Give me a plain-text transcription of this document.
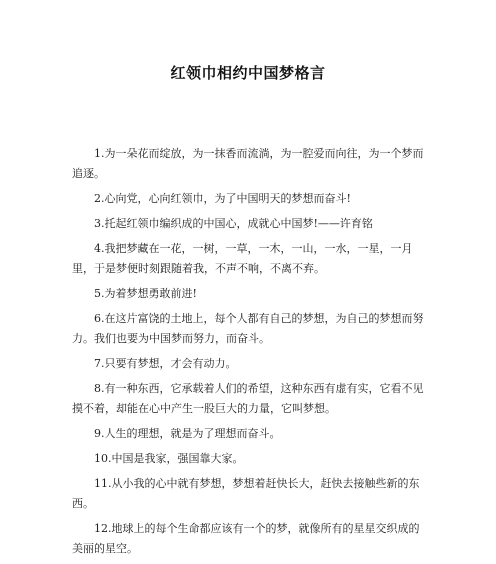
红领巾相约中国梦格言
1.为一朵花而绽放，为一抹香而流淌，为一腔爱而向往，为一个梦而追逐。
2.心向党，心向红领巾，为了中国明天的梦想而奋斗!
3.托起红领巾编织成的中国心，成就心中国梦!——许育铭
4.我把梦藏在一花，一树，一草，一木，一山，一水，一星，一月里，于是梦便时刻跟随着我，不声不响，不离不弃。
5.为着梦想勇敢前进!
6.在这片富饶的土地上，每个人都有自己的梦想，为自己的梦想而努力。我们也要为中国梦而努力，而奋斗。
7.只要有梦想，才会有动力。
8.有一种东西，它承载着人们的希望，这种东西有虚有实，它看不见摸不着，却能在心中产生一股巨大的力量，它叫梦想。
9.人生的理想，就是为了理想而奋斗。
10.中国是我家，强国靠大家。
11.从小我的心中就有梦想，梦想着赶快长大，赶快去接触些新的东西。
12.地球上的每个生命都应该有一个的梦，就像所有的星星交织成的美丽的星空。
